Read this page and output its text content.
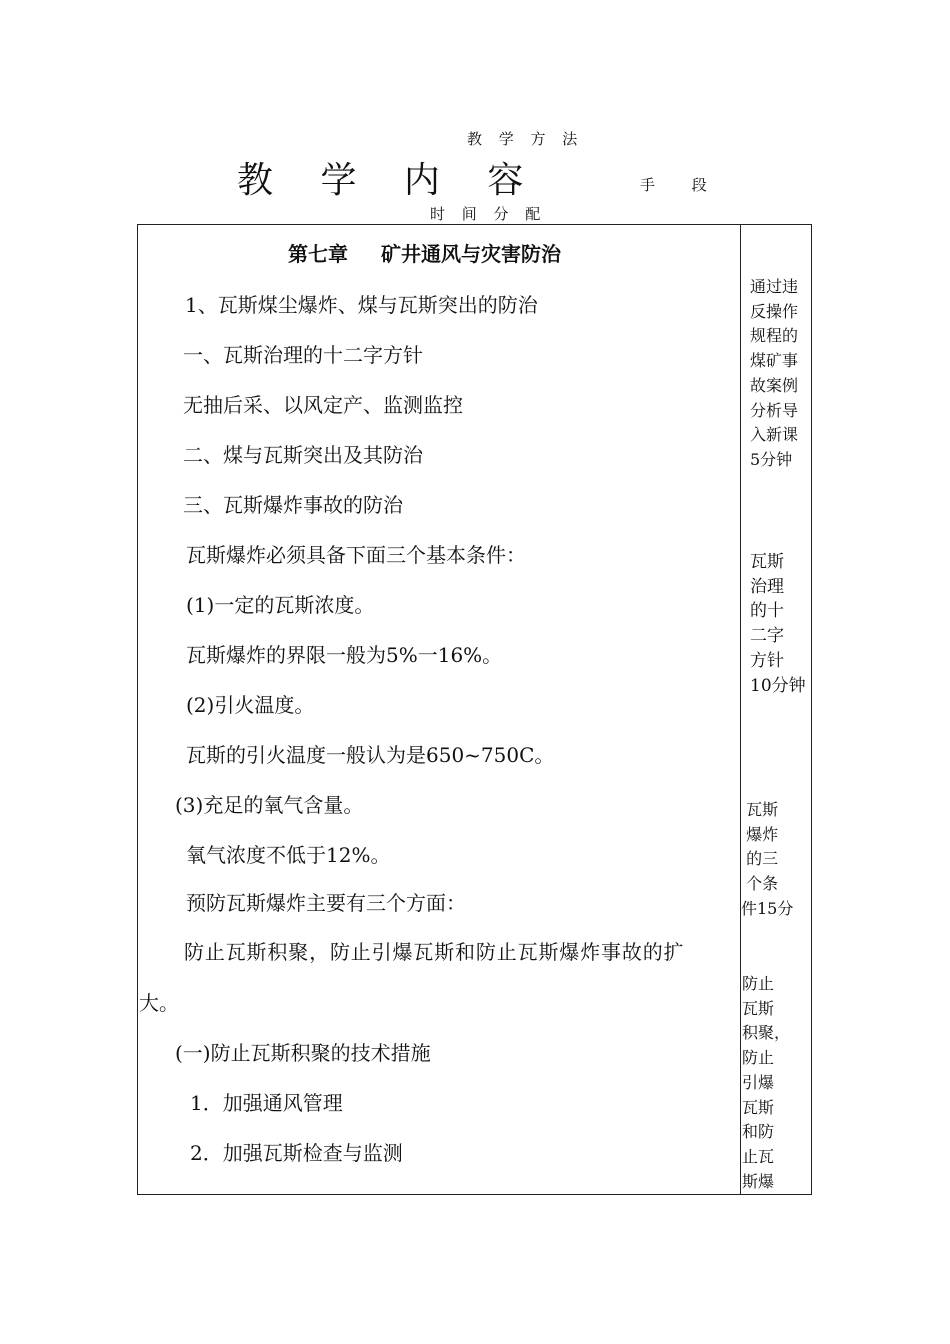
教 学 方 法
教 学 内 容	手 段
时 间 分 配
第七章 矿井通风与灾害防治
1、瓦斯煤尘爆炸、煤与瓦斯突出的防治
一、瓦斯治理的十二字方针
无抽后采、以风定产、监测监控
二、煤与瓦斯突出及其防治
三、瓦斯爆炸事故的防治
瓦斯爆炸必须具备下面三个基本条件：
(1)一定的瓦斯浓度。
瓦斯爆炸的界限一般为5%一16%。
(2)引火温度。
瓦斯的引火温度一般认为是650~750C。
(3)充足的氧气含量。
氧气浓度不低于12%。
预防瓦斯爆炸主要有三个方面：
防止瓦斯积聚，防止引爆瓦斯和防止瓦斯爆炸事故的扩
大。
(一)防止瓦斯积聚的技术措施
1．加强通风管理
2．加强瓦斯检查与监测
通过违
反操作
规程的
煤矿事
故案例
分析导
入新课
5分钟
瓦斯
治理
的十
二字
方针
10分钟
瓦斯
爆炸
的三
个条
件15分
防止
瓦斯
积聚，
防止
引爆
瓦斯
和防
止瓦
斯爆
